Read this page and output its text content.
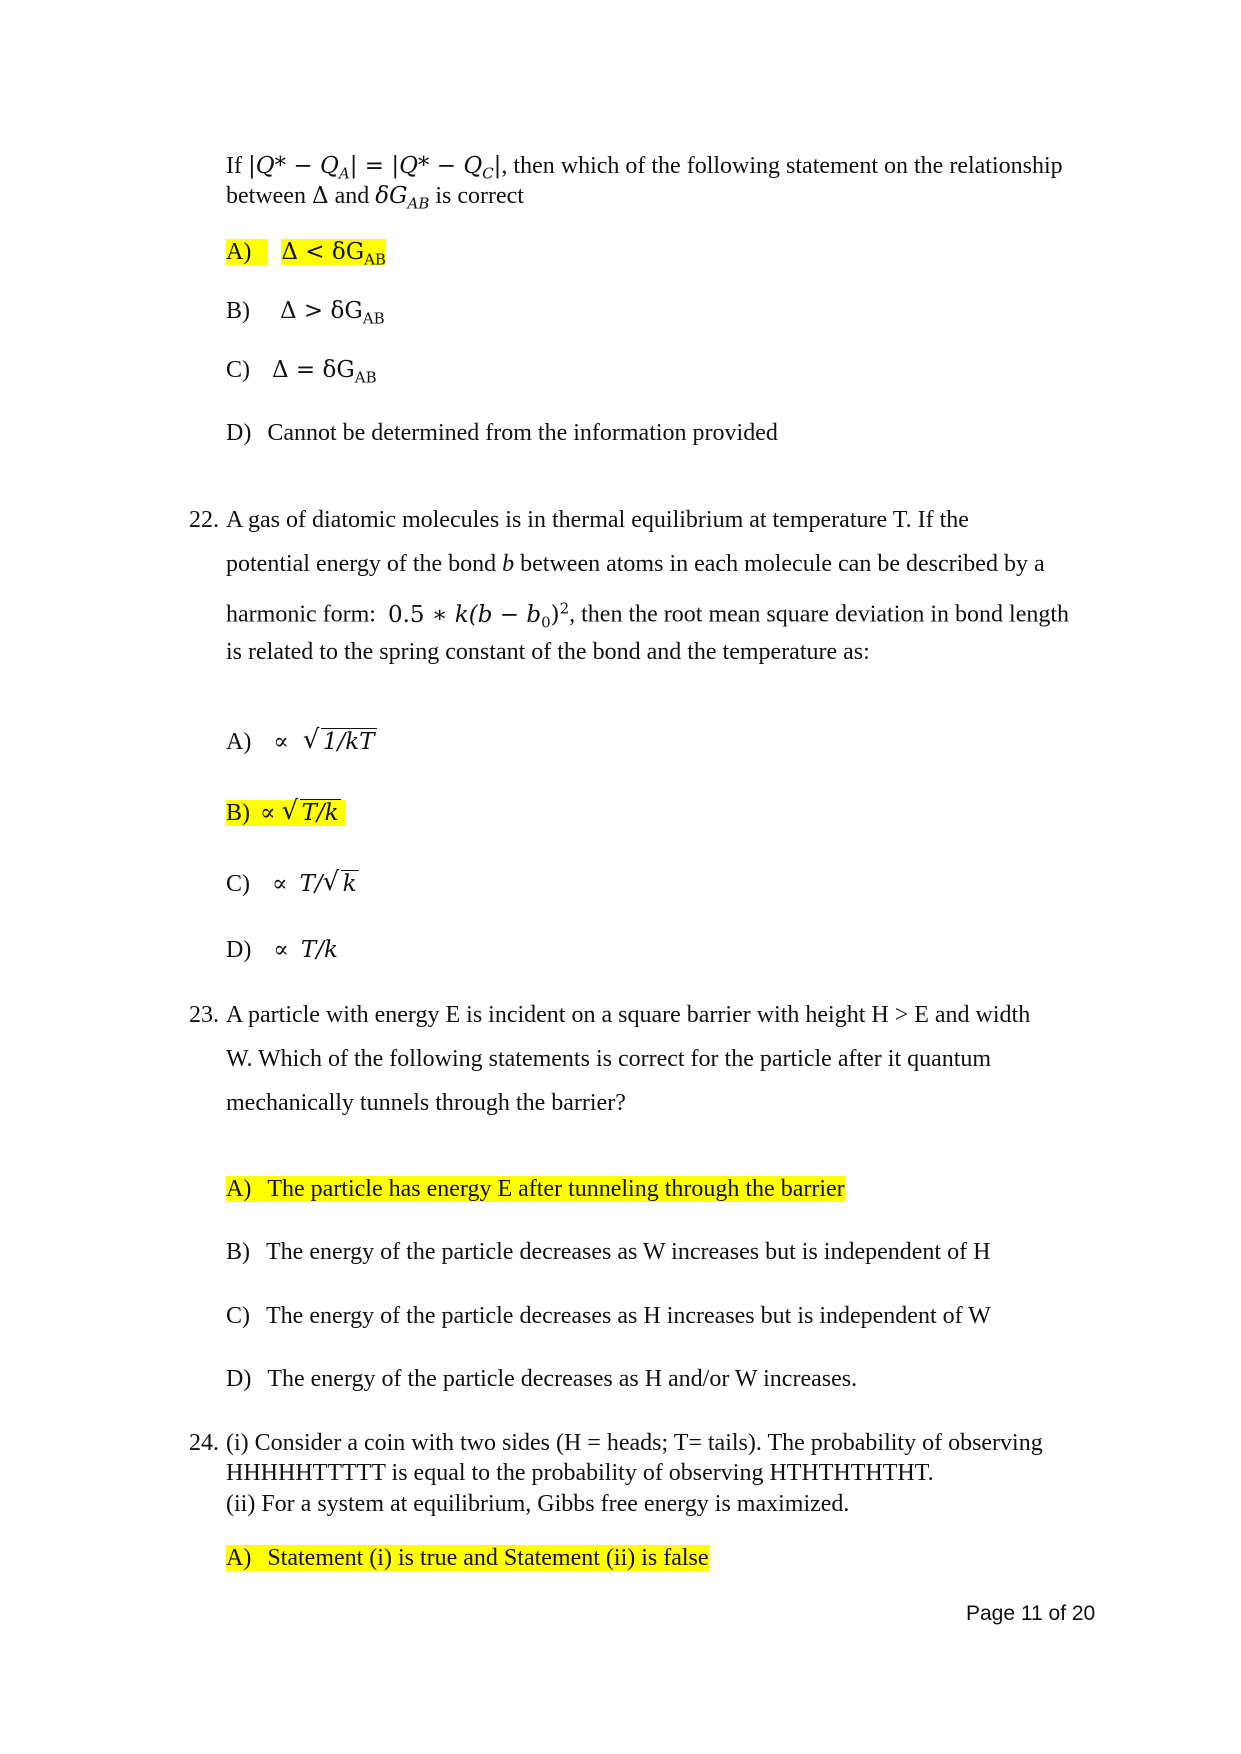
If $|Q* - Q_A| = |Q* - Q_C|$, then which of the following statement on the relationship
between Δ and $\delta G_{AB}$ is correct
A) $\Delta < \delta G_{AB}$
B) $\Delta > \delta G_{AB}$
C) $\Delta = \delta G_{AB}$
D) Cannot be determined from the information provided
22. A gas of diatomic molecules is in thermal equilibrium at temperature T. If the
potential energy of the bond b between atoms in each molecule can be described by a
harmonic form: 0.5 ∗ $k(b - b_0)^2$, then the root mean square deviation in bond length
is related to the spring constant of the bond and the temperature as:
A) ∝ √ 1/kT
B) ∝ √ T/k
C) ∝ T/ √ k
D) ∝ T/k
23. A particle with energy E is incident on a square barrier with height H > E and width
W. Which of the following statements is correct for the particle after it quantum
mechanically tunnels through the barrier?
A) The particle has energy E after tunneling through the barrier
B) The energy of the particle decreases as W increases but is independent of H
C) The energy of the particle decreases as H increases but is independent of W
D) The energy of the particle decreases as H and/or W increases.
24. (i) Consider a coin with two sides (H = heads; T= tails). The probability of observing
HHHHHTTTTT is equal to the probability of observing HTHTHTHTHT.
(ii) For a system at equilibrium, Gibbs free energy is maximized.
A) Statement (i) is true and Statement (ii) is false
Page 11 of 20
